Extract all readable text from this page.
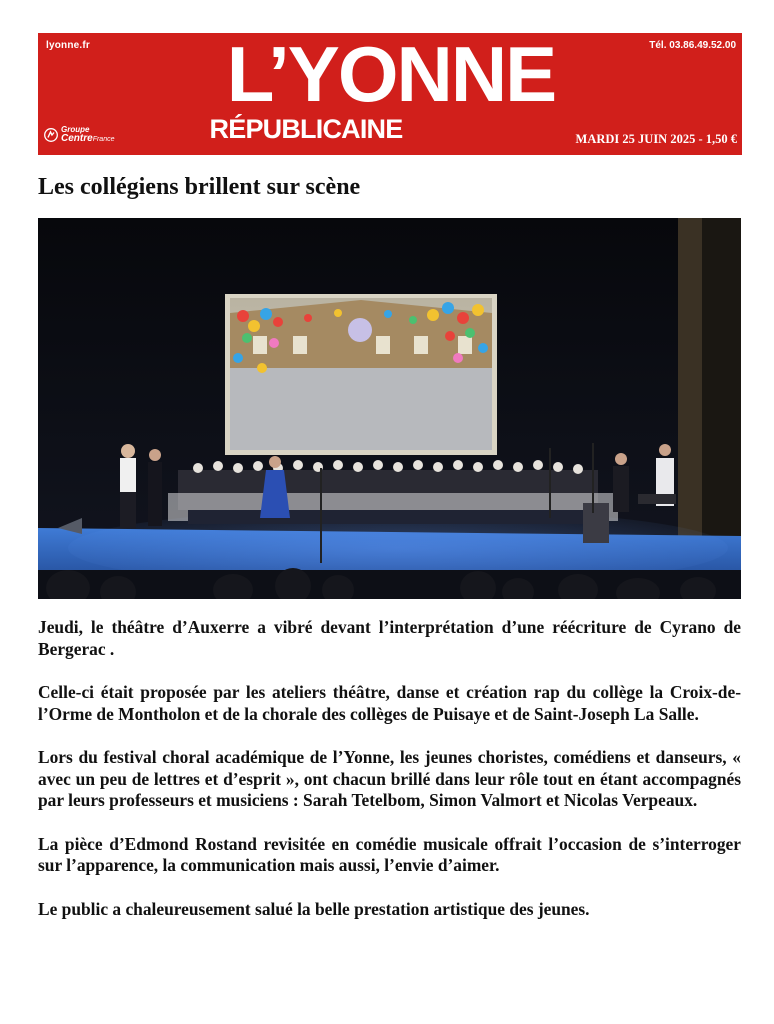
lyonne.fr	Tél. 03.86.49.52.00
L’YONNE
RÉPUBLICAINE
Groupe
CentreFrance	MARDI 25 JUIN 2025 - 1,50 €
Les collégiens brillent sur scène

Jeudi, le théâtre d’Auxerre a vibré devant l’interprétation d’une réécriture de Cyrano de Bergerac .

Celle-ci était proposée par les ateliers théâtre, danse et création rap du collège la Croix-de-l’Orme de Montholon et de la chorale des collèges de Puisaye et de Saint-Joseph La Salle.

Lors du festival choral académique de l’Yonne, les jeunes choristes, comédiens et danseurs, « avec un peu de lettres et d’esprit », ont chacun brillé dans leur rôle tout en étant accompagnés par leurs professeurs et musiciens : Sarah Tetelbom, Simon Valmort et Nicolas Verpeaux.

La pièce d’Edmond Rostand revisitée en comédie musicale offrait l’occasion de s’interroger sur l’apparence, la communication mais aussi, l’envie d’aimer.

Le public a chaleureusement salué la belle prestation artistique des jeunes.
